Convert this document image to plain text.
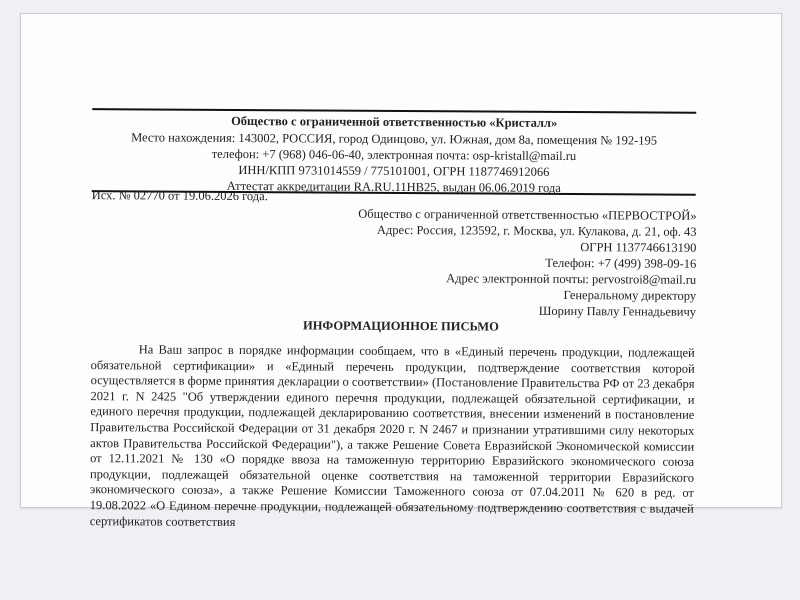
Общество с ограниченной ответственностью «Кристалл»
Место нахождения: 143002, РОССИЯ, город Одинцово, ул. Южная, дом 8а, помещения № 192-195
телефон: +7 (968) 046-06-40, электронная почта: osp-kristall@mail.ru
ИНН/КПП 9731014559 / 775101001, ОГРН 1187746912066
Аттестат аккредитации RA.RU.11НВ25, выдан 06.06.2019 года
Исх. № 02770 от 19.06.2026 года.
Общество с ограниченной ответственностью «ПЕРВОСТРОЙ»
Адрес: Россия, 123592, г. Москва, ул. Кулакова, д. 21, оф. 43
ОГРН 1137746613190
Телефон: +7 (499) 398-09-16
Адрес электронной почты: pervostroi8@mail.ru
Генеральному директору
Шорину Павлу Геннадьевичу
ИНФОРМАЦИОННОЕ ПИСЬМО

На Ваш запрос в порядке информации сообщаем, что в «Единый перечень продукции, подлежащей обязательной сертификации» и «Единый перечень продукции, подтверждение соответствия которой осуществляется в форме принятия декларации о соответствии» (Постановление Правительства РФ от 23 декабря 2021 г. N 2425 "Об утверждении единого перечня продукции, подлежащей обязательной сертификации, и единого перечня продукции, подлежащей декларированию соответствия, внесении изменений в постановление Правительства Российской Федерации от 31 декабря 2020 г. N 2467 и признании утратившими силу некоторых актов Правительства Российской Федерации"), а также Решение Совета Евразийской Экономической комиссии от 12.11.2021 № 130 «О порядке ввоза на таможенную территорию Евразийского экономического союза продукции, подлежащей обязательной оценке соответствия на таможенной территории Евразийского экономического союза», а также Решение Комиссии Таможенного союза от 07.04.2011 № 620 в ред. от 19.08.2022 «О Едином перечне продукции, подлежащей обязательному подтверждению соответствия с выдачей сертификатов соответствия
